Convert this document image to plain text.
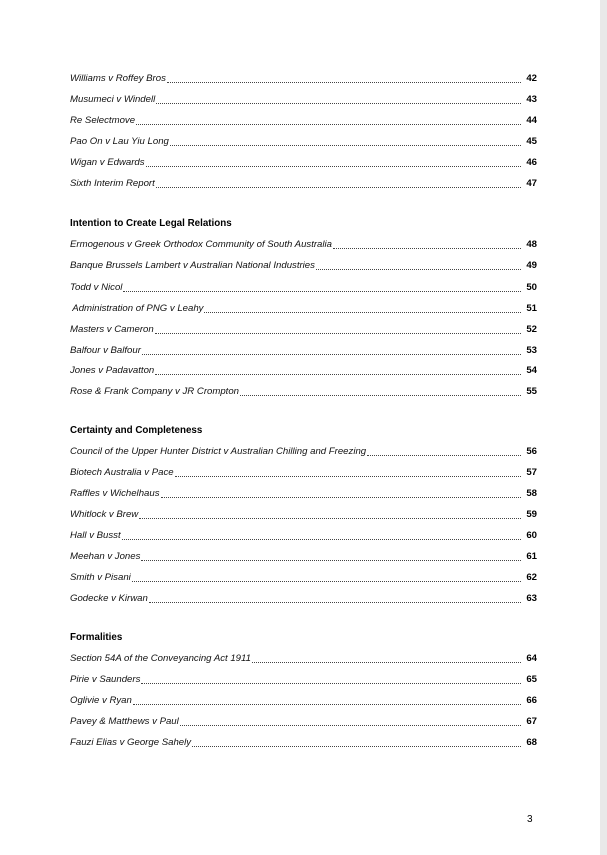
Williams v Roffey Bros	42
Musumeci v Windell	43
Re Selectmove	44
Pao On v Lau Yiu Long	45
Wigan v Edwards	46
Sixth Interim Report	47
Intention to Create Legal Relations
Ermogenous v Greek Orthodox Community of South Australia	48
Banque Brussels Lambert v Australian National Industries	49
Todd v Nicol	50
Administration of PNG v Leahy	51
Masters v Cameron	52
Balfour v Balfour	53
Jones v Padavatton	54
Rose & Frank Company v JR Crompton	55
Certainty and Completeness
Council of the Upper Hunter District v Australian Chilling and Freezing	56
Biotech Australia v Pace	57
Raffles v Wichelhaus	58
Whitlock v Brew	59
Hall v Busst	60
Meehan v Jones	61
Smith v Pisani	62
Godecke v Kirwan	63
Formalities
Section 54A of the Conveyancing Act 1911	64
Pirie v Saunders	65
Oglivie v Ryan	66
Pavey & Matthews v Paul	67
Fauzi Elias v George Sahely	68
3
